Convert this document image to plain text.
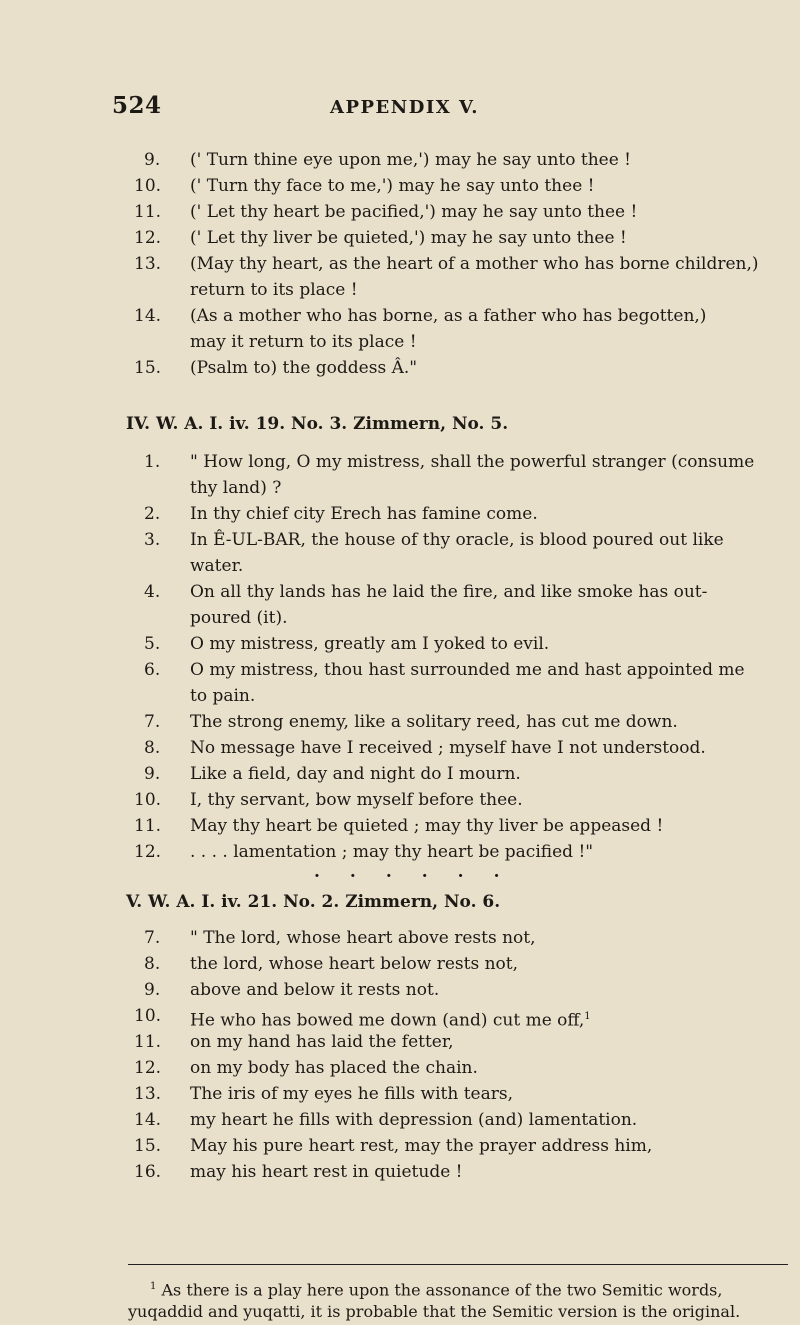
524	APPENDIX V.
9. (' Turn thine eye upon me,') may he say unto thee !
10. (' Turn thy face to me,') may he say unto thee !
11. (' Let thy heart be pacified,') may he say unto thee !
12. (' Let thy liver be quieted,') may he say unto thee !
13. (May thy heart, as the heart of a mother who has borne children,)
return to its place !
14. (As a mother who has borne, as a father who has begotten,)
may it return to its place !
15. (Psalm to) the goddess Â."
IV. W. A. I. iv. 19. No. 3. Zimmern, No. 5.
1. " How long, O my mistress, shall the powerful stranger (consume
thy land) ?
2. In thy chief city Erech has famine come.
3. In Ê-UL-BAR, the house of thy oracle, is blood poured out like
water.
4. On all thy lands has he laid the fire, and like smoke has out-
poured (it).
5. O my mistress, greatly am I yoked to evil.
6. O my mistress, thou hast surrounded me and hast appointed me
to pain.
7. The strong enemy, like a solitary reed, has cut me down.
8. No message have I received ; myself have I not understood.
9. Like a field, day and night do I mourn.
10. I, thy servant, bow myself before thee.
11. May thy heart be quieted ; may thy liver be appeased !
12. . . . . lamentation ; may thy heart be pacified !"
......
V. W. A. I. iv. 21. No. 2. Zimmern, No. 6.
7. " The lord, whose heart above rests not,
8. the lord, whose heart below rests not,
9. above and below it rests not.
10. He who has bowed me down (and) cut me off,$^1$
11. on my hand has laid the fetter,
12. on my body has placed the chain.
13. The iris of my eyes he fills with tears,
14. my heart he fills with depression (and) lamentation.
15. May his pure heart rest, may the prayer address him,
16. may his heart rest in quietude !
$^1$ As there is a play here upon the assonance of the two Semitic words,
yuqaddid and yuqatti, it is probable that the Semitic version is the original.
